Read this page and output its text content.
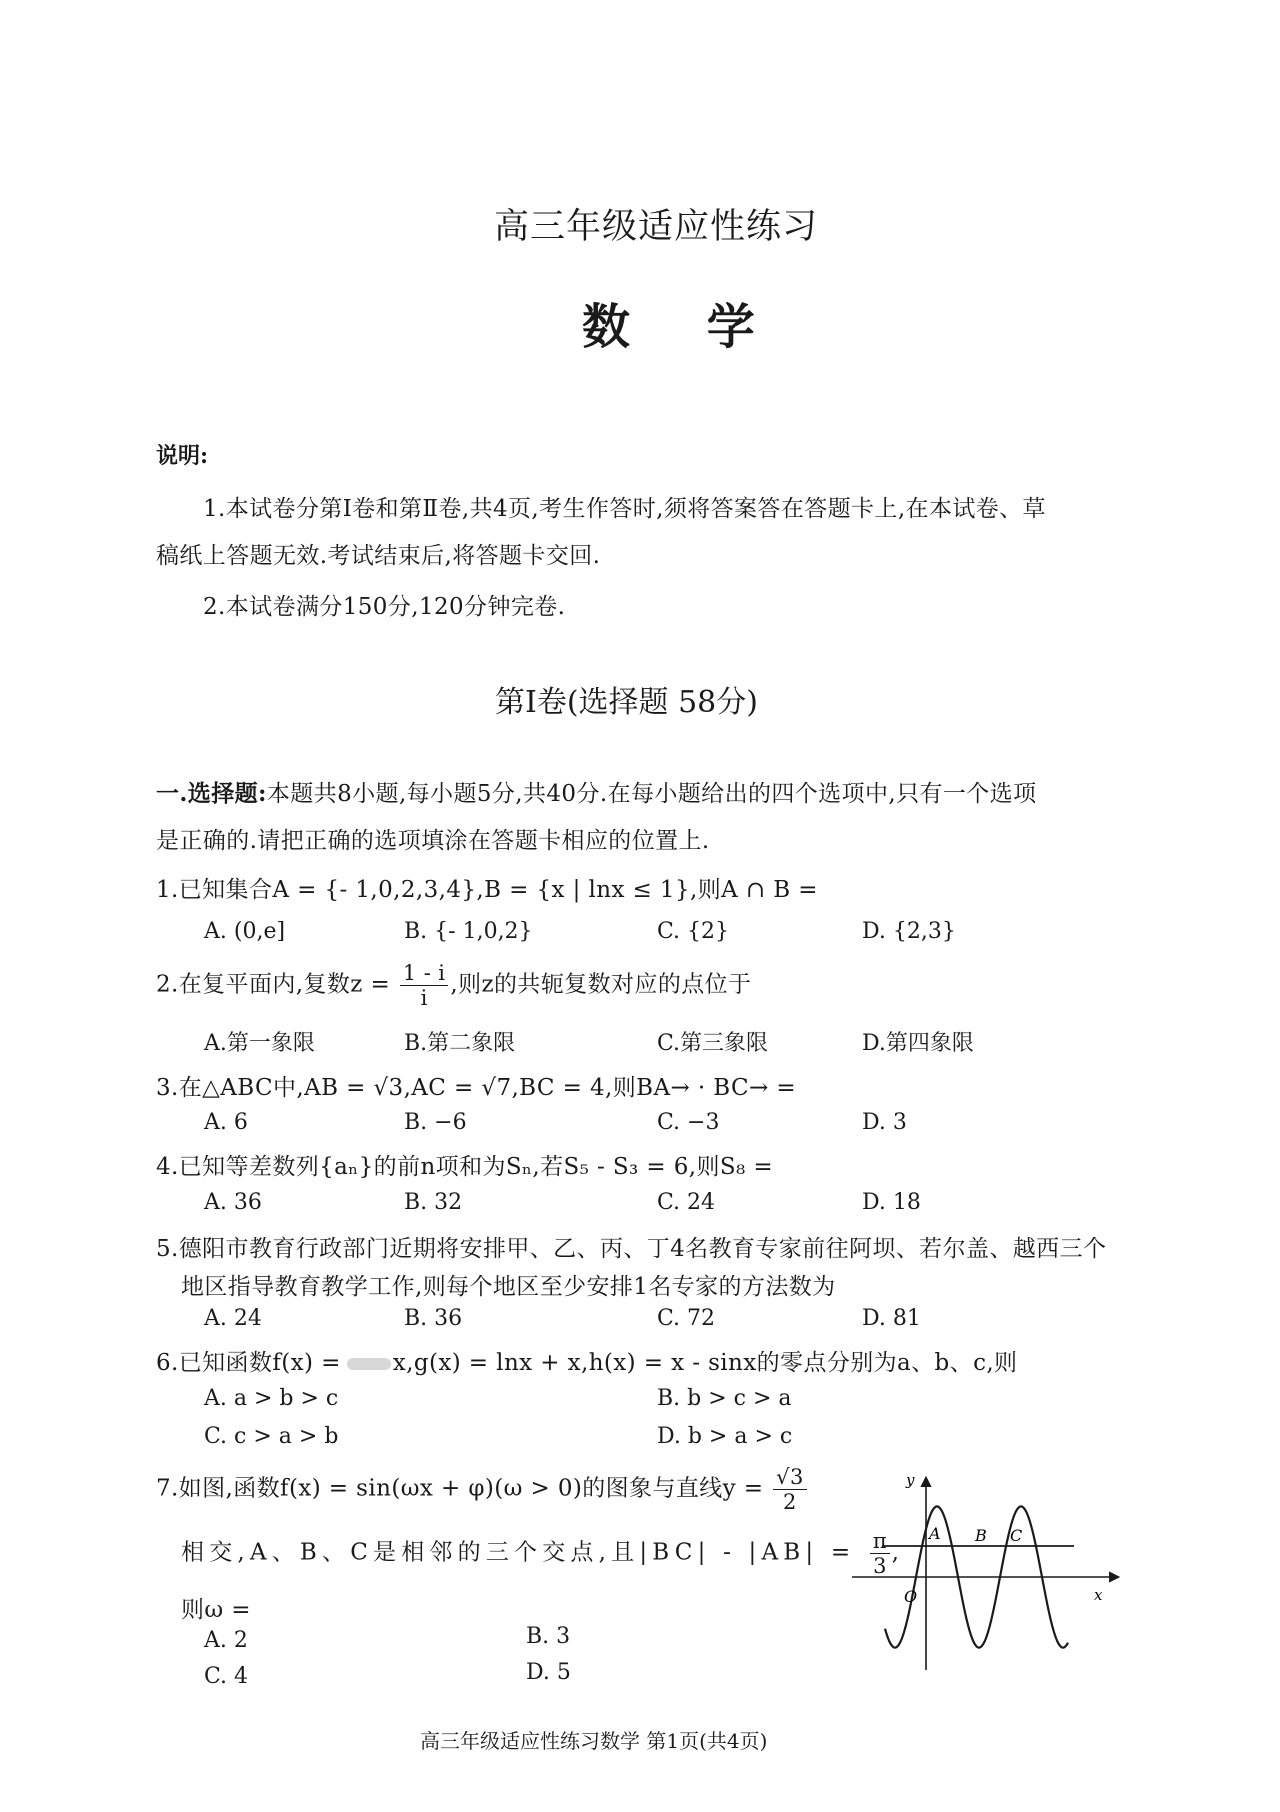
高三年级适应性练习
数 学
说明:
1.本试卷分第Ⅰ卷和第Ⅱ卷,共4页,考生作答时,须将答案答在答题卡上,在本试卷、草
稿纸上答题无效.考试结束后,将答题卡交回.
2.本试卷满分150分,120分钟完卷.
第I卷(选择题 58分)
一.选择题:本题共8小题,每小题5分,共40分.在每小题给出的四个选项中,只有一个选项
是正确的.请把正确的选项填涂在答题卡相应的位置上.
1.已知集合A = {- 1,0,2,3,4},B = {x | lnx ≤ 1},则A ∩ B =
A. (0,e]	B. {- 1,0,2}	C. {2}	D. {2,3}
2.在复平面内,复数$z = \frac{1 - i}{i}$ ,则z的共轭复数对应的点位于
A.第一象限	B.第二象限	C.第三象限	D.第四象限
3.在△ABC中,AB = √3,AC = √7,BC = 4,则BA→ · BC→ =
A. 6	B. −6	C. −3	D. 3
4.已知等差数列{aₙ}的前n项和为Sₙ,若S₅ - S₃ = 6,则S₈ =
A. 36	B. 32	C. 24	D. 18
5.德阳市教育行政部门近期将安排甲、乙、丙、丁4名教育专家前往阿坝、若尔盖、越西三个
地区指导教育教学工作,则每个地区至少安排1名专家的方法数为
A. 24	B. 36	C. 72	D. 81
6.已知函数f(x) = x,g(x) = lnx + x,h(x) = x - sinx的零点分别为a、b、c,则
A. a > b > c	B. b > c > a
C. c > a > b	D. b > a > c
7.如图,函数f(x) = sin(ωx + φ)(ω > 0)的图象与直线$y = \frac{√3}{2}$
相交,A、B、C是相邻的三个交点,且$|BC| - |AB| = \frac{\pi}{3}$ ,
则ω =
A. 2	B. 3
C. 4	D. 5
y
x
O
A B C
高三年级适应性练习数学 第1页(共4页)
